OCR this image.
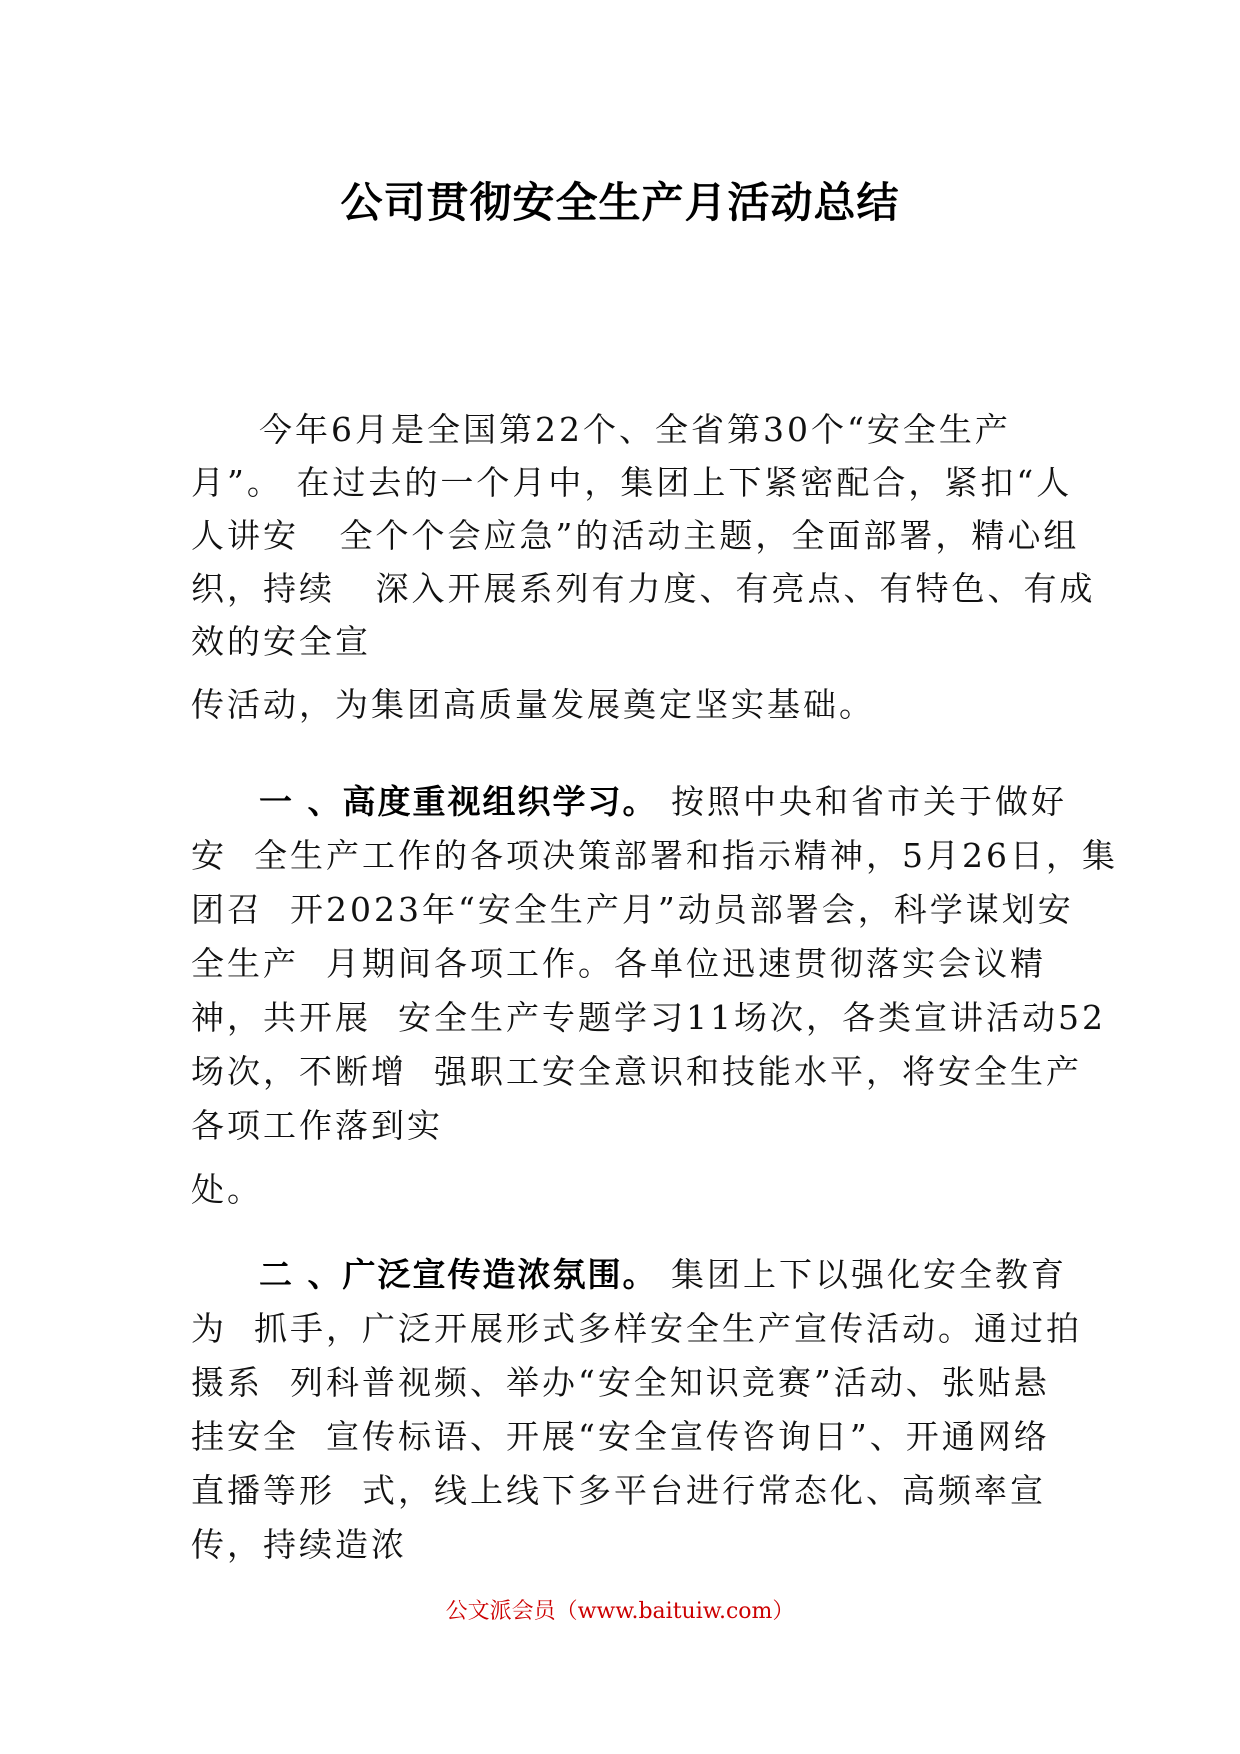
公司贯彻安全生产月活动总结
今年6月是全国第22个、全省第30个“安全生产
月”。 在过去的一个月中，集团上下紧密配合，紧扣“人
人讲安   全个个会应急”的活动主题，全面部署，精心组
织，持续   深入开展系列有力度、有亮点、有特色、有成
效的安全宣
传活动，为集团高质量发展奠定坚实基础。
一 、高度重视组织学习。 按照中央和省市关于做好
安  全生产工作的各项决策部署和指示精神，5月26日，集
团召  开2023年“安全生产月”动员部署会，科学谋划安
全生产  月期间各项工作。各单位迅速贯彻落实会议精
神，共开展  安全生产专题学习11场次，各类宣讲活动52
场次，不断增  强职工安全意识和技能水平，将安全生产
各项工作落到实
处。
二 、广泛宣传造浓氛围。 集团上下以强化安全教育
为  抓手，广泛开展形式多样安全生产宣传活动。通过拍
摄系  列科普视频、举办“安全知识竞赛”活动、张贴悬
挂安全  宣传标语、开展“安全宣传咨询日”、开通网络
直播等形  式，线上线下多平台进行常态化、高频率宣
传，持续造浓
公文派会员（www.baituiw.com）
